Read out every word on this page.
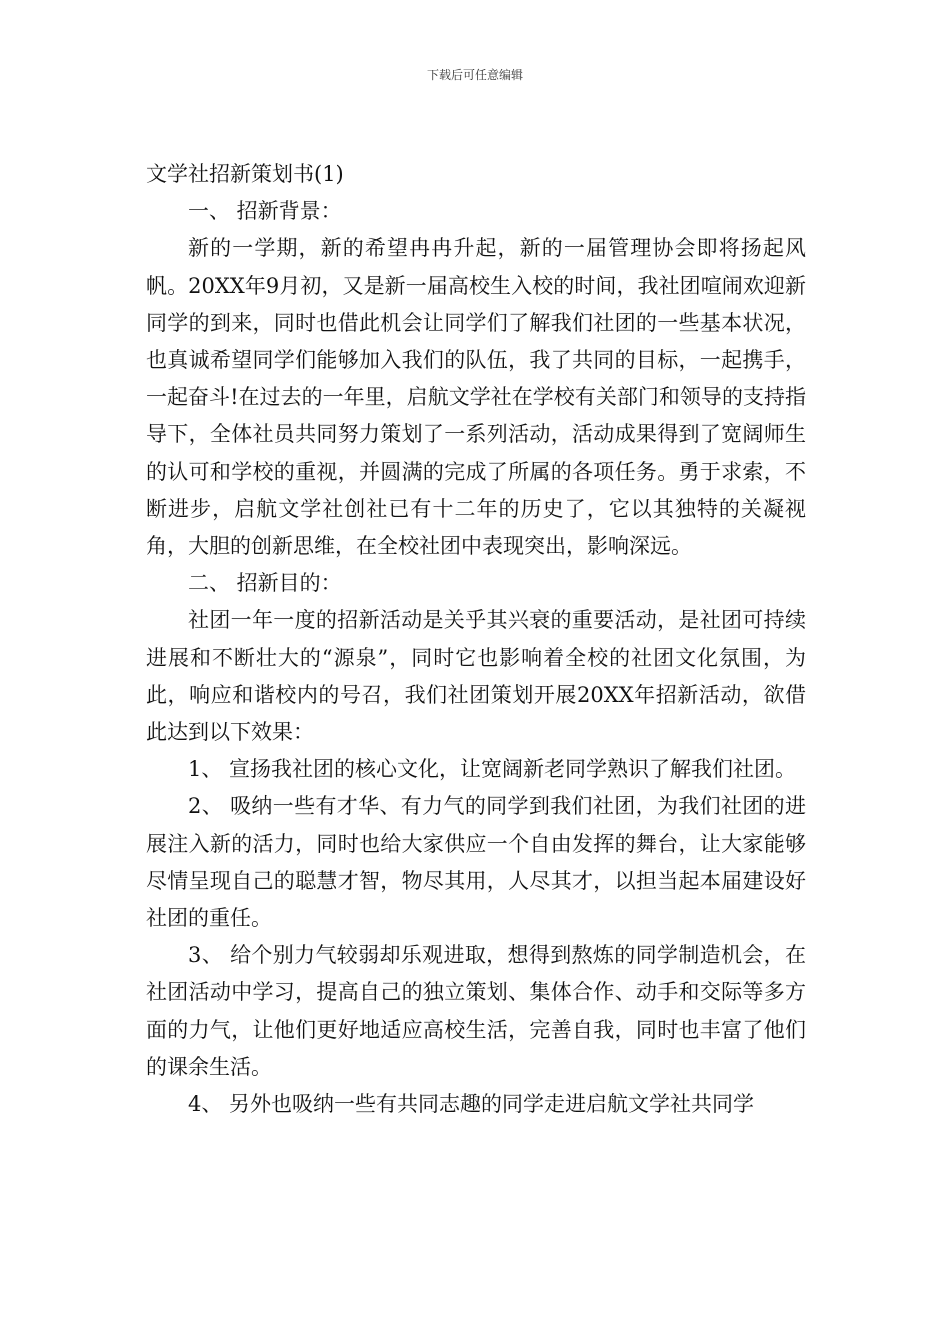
下载后可任意编辑

文学社招新策划书(1)

一、 招新背景：

新的一学期，新的希望冉冉升起，新的一届管理协会即将扬起风帆。20XX年9月初，又是新一届高校生入校的时间，我社团喧闹欢迎新同学的到来，同时也借此机会让同学们了解我们社团的一些基本状况，也真诚希望同学们能够加入我们的队伍，我了共同的目标，一起携手，一起奋斗!在过去的一年里，启航文学社在学校有关部门和领导的支持指导下，全体社员共同努力策划了一系列活动，活动成果得到了宽阔师生的认可和学校的重视，并圆满的完成了所属的各项任务。勇于求索，不断进步，启航文学社创社已有十二年的历史了，它以其独特的关凝视角，大胆的创新思维，在全校社团中表现突出，影响深远。

二、 招新目的：

社团一年一度的招新活动是关乎其兴衰的重要活动，是社团可持续进展和不断壮大的“源泉”，同时它也影响着全校的社团文化氛围，为此，响应和谐校内的号召，我们社团策划开展20XX年招新活动，欲借此达到以下效果：

1、 宣扬我社团的核心文化，让宽阔新老同学熟识了解我们社团。

2、 吸纳一些有才华、有力气的同学到我们社团，为我们社团的进展注入新的活力，同时也给大家供应一个自由发挥的舞台，让大家能够尽情呈现自己的聪慧才智，物尽其用，人尽其才，以担当起本届建设好社团的重任。

3、 给个别力气较弱却乐观进取，想得到熬炼的同学制造机会，在社团活动中学习，提高自己的独立策划、集体合作、动手和交际等多方面的力气，让他们更好地适应高校生活，完善自我，同时也丰富了他们的课余生活。

4、 另外也吸纳一些有共同志趣的同学走进启航文学社共同学
